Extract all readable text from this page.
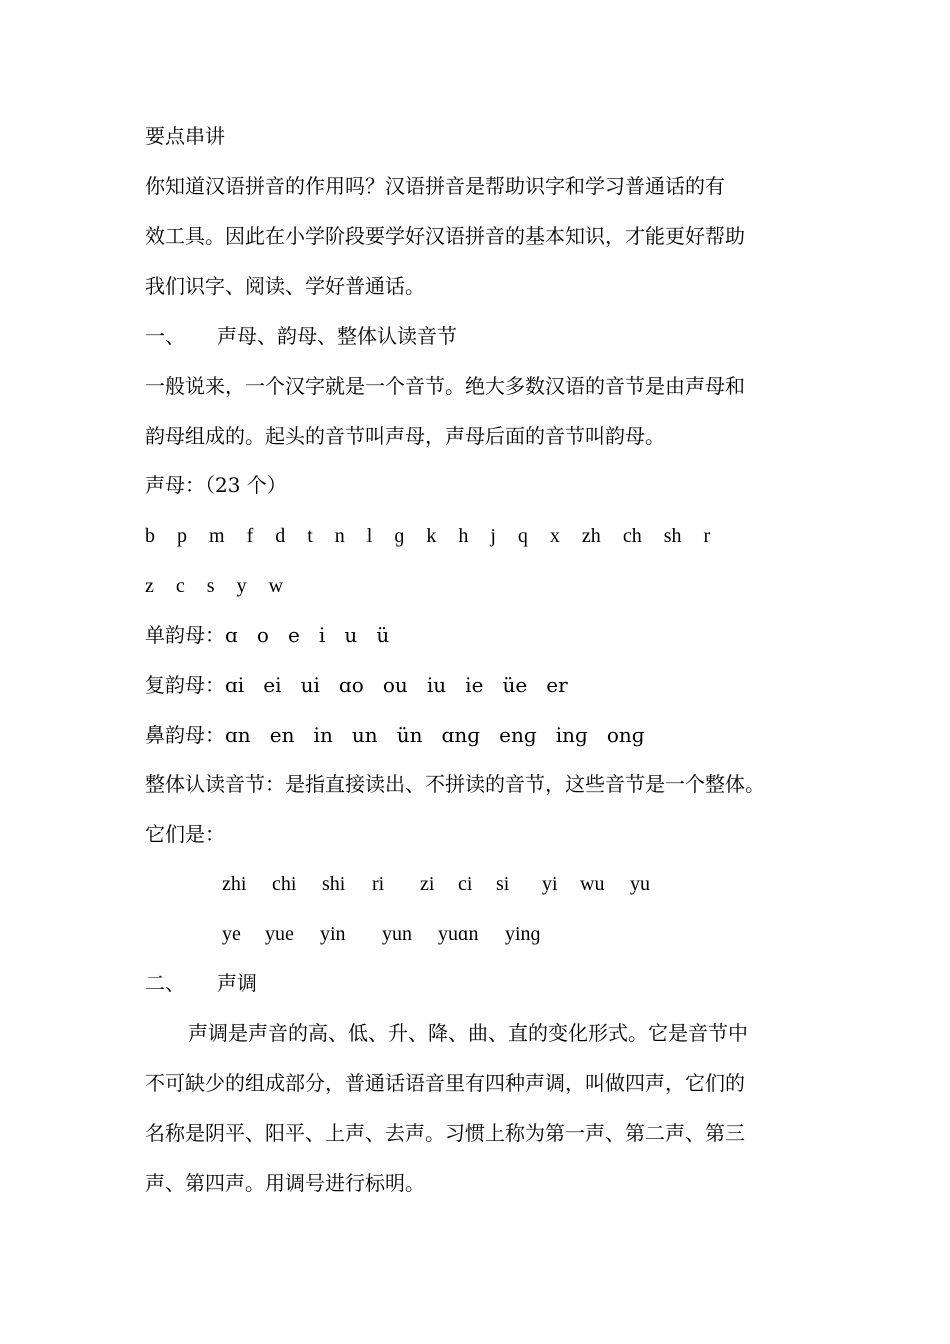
要点串讲
你知道汉语拼音的作用吗？汉语拼音是帮助识字和学习普通话的有
效工具。因此在小学阶段要学好汉语拼音的基本知识，才能更好帮助
我们识字、阅读、学好普通话。
一、 声母、韵母、整体认读音节
一般说来，一个汉字就是一个音节。绝大多数汉语的音节是由声母和
韵母组成的。起头的音节叫声母，声母后面的音节叫韵母。
声母：（23 个）
b p m f d t n l ɡ k h j q x zh ch sh r
z c s y w
单韵母：ɑ   o   e   i   u   ü
复韵母：ɑi   ei   ui   ɑo   ou   iu   ie   üe   er
鼻韵母：ɑn   en   in   un   ün   ɑnɡ   enɡ   inɡ   onɡ
整体认读音节：是指直接读出、不拼读的音节，这些音节是一个整体。
它们是：
zhi chi shi ri zi ci si yi wu yu
ye yue yin yun yuɑn yinɡ
二、 声调
声调是声音的高、低、升、降、曲、直的变化形式。它是音节中
不可缺少的组成部分，普通话语音里有四种声调，叫做四声，它们的
名称是阴平、阳平、上声、去声。习惯上称为第一声、第二声、第三
声、第四声。用调号进行标明。
